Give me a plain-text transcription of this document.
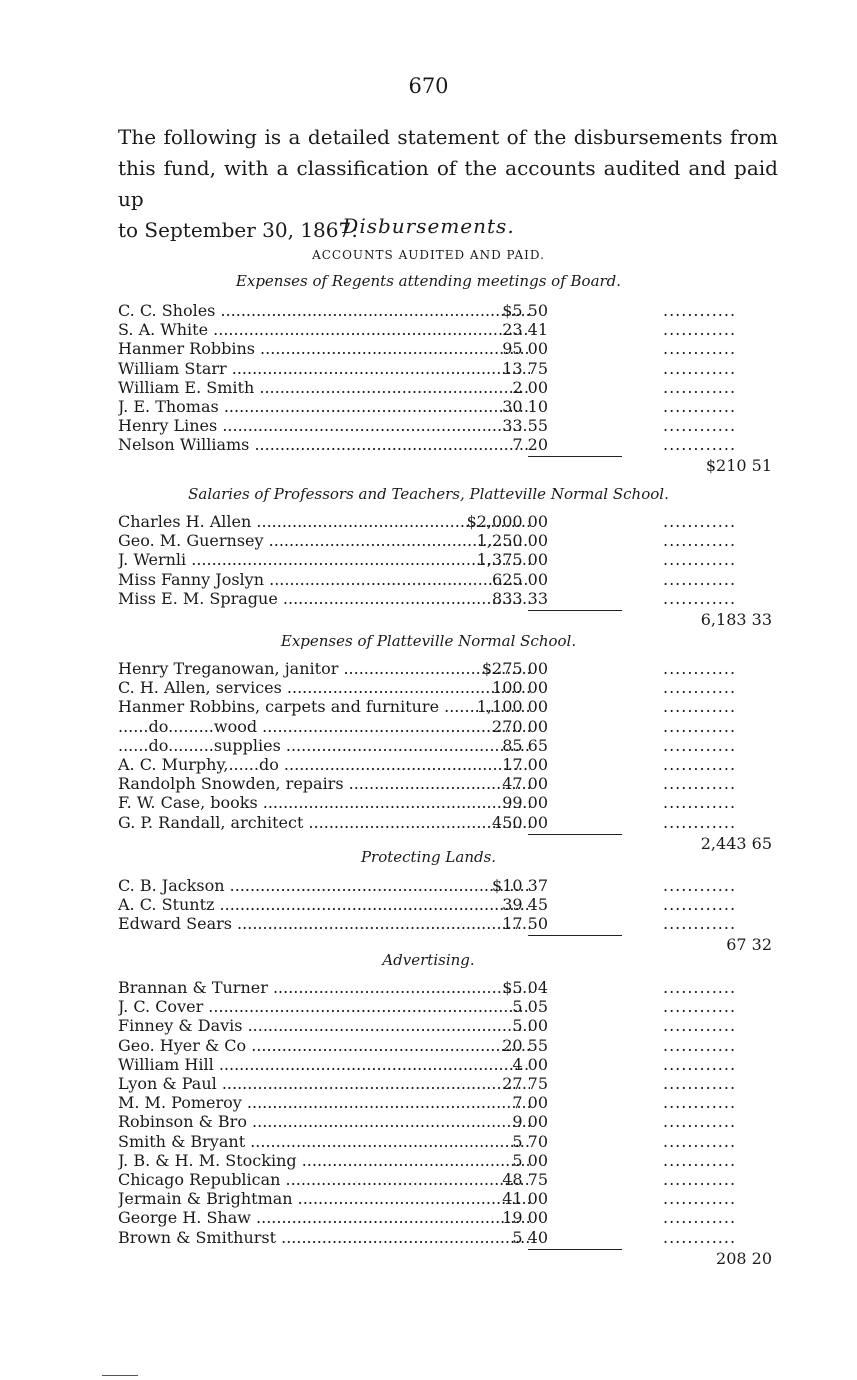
670
The following is a detailed statement of the disbursements from
this fund, with a classification of the accounts audited and paid up
to September 30, 1867:
Disbursements.
ACCOUNTS AUDITED AND PAID.
Expenses of Regents attending meetings of Board.
C. C. Sholes .....	$5 50	............
S. A. White .....	23 41	............
Hanmer Robbins .....	95 00	............
William Starr .....	13 75	............
William E. Smith .....	2 00	............
J. E. Thomas .....	30 10	............
Henry Lines .....	33 55	............
Nelson Williams .....	7 20	............
$210 51
Salaries of Professors and Teachers, Platteville Normal School.
Charles H. Allen .....	$2,000 00	............
Geo. M. Guernsey .....	1,250 00	............
J. Wernli .....	1,375 00	............
Miss Fanny Joslyn .....	625 00	............
Miss E. M. Sprague .....	833 33	............
6,183 33
Expenses of Platteville Normal School.
Henry Treganowan, janitor .....	$275 00	............
C. H. Allen, services .....	100 00	............
Hanmer Robbins, carpets and furniture .....	1,100 00	............
......do.........wood .....	270 00	............
......do.........supplies .....	85 65	............
A. C. Murphy,......do .....	17 00	............
Randolph Snowden, repairs .....	47 00	............
F. W. Case, books .....	99 00	............
G. P. Randall, architect .....	450 00	............
2,443 65
Protecting Lands.
C. B. Jackson .....	$10 37	............
A. C. Stuntz .....	39 45	............
Edward Sears .....	17 50	............
67 32
Advertising.
Brannan & Turner .....	$5 04	............
J. C. Cover .....	5 05	............
Finney & Davis .....	5 00	............
Geo. Hyer & Co .....	20 55	............
William Hill .....	4 00	............
Lyon & Paul .....	27 75	............
M. M. Pomeroy .....	7 00	............
Robinson & Bro .....	9 00	............
Smith & Bryant .....	5 70	............
J. B. & H. M. Stocking .....	5 00	............
Chicago Republican .....	48 75	............
Jermain & Brightman .....	41 00	............
George H. Shaw .....	19 00	............
Brown & Smithurst .....	5 40	............
208 20
